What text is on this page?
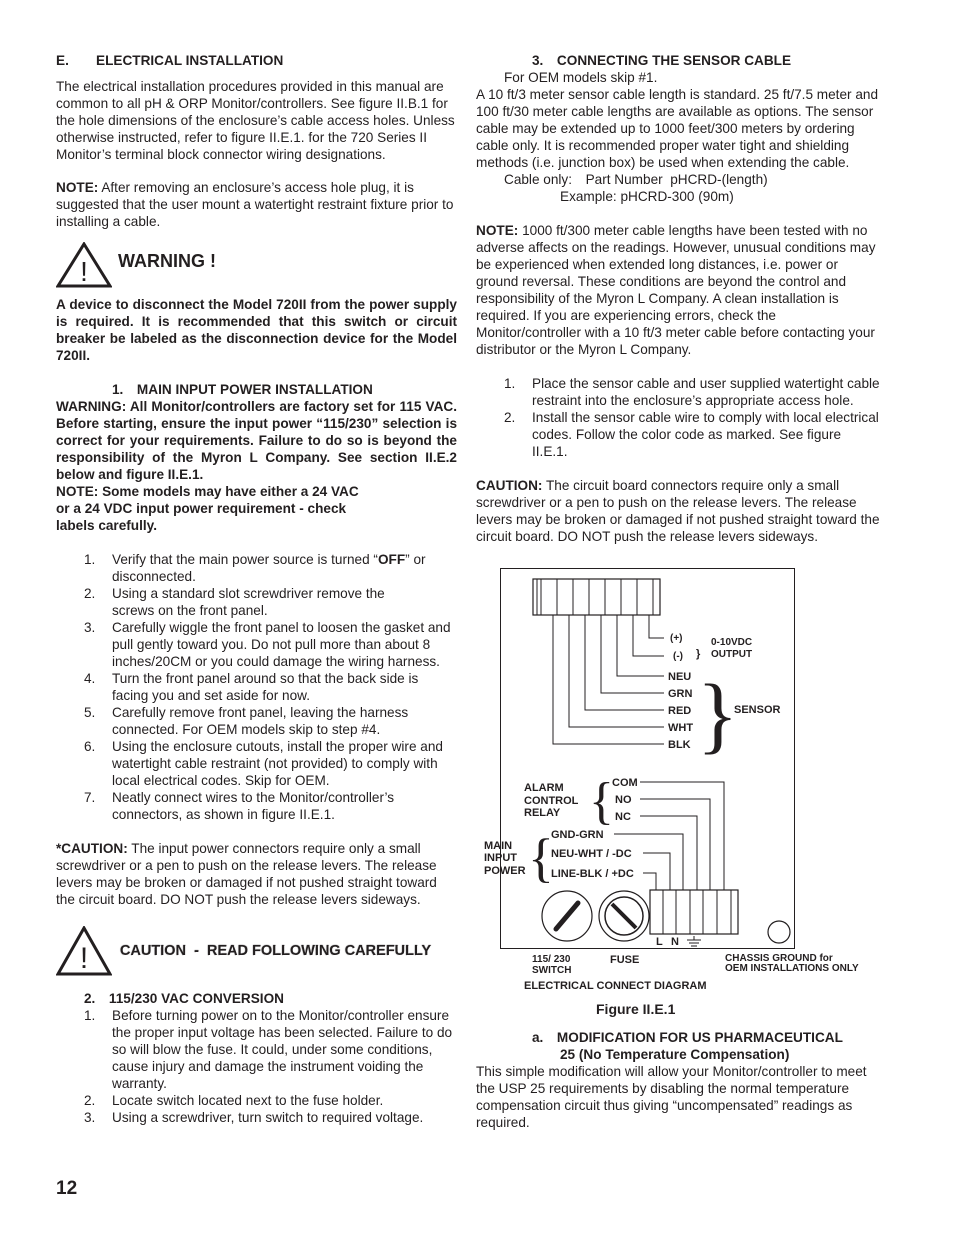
E.  ELECTRICAL INSTALLATION

The electrical installation procedures provided in this manual are common to all pH & ORP Monitor/controllers. See figure II.B.1 for the hole dimensions of the enclosure’s cable access holes. Unless otherwise instructed, refer to figure II.E.1. for the 720 Series II Monitor’s terminal block connector wiring designations.

NOTE: After removing an enclosure’s access hole plug, it is suggested that the user mount a watertight restraint fixture prior to installing a cable.

! WARNING !

A device to disconnect the Model 720II from the power supply is required. It is recommended that this switch or circuit breaker be labeled as the disconnection device for the Model 720II.

1. MAIN INPUT POWER INSTALLATION

WARNING: All Monitor/controllers are factory set for 115 VAC. Before starting, ensure the input power “115/230” selection is correct for your requirements. Failure to do so is beyond the responsibility of the Myron L Company. See section II.E.2 below and figure II.E.1.

NOTE: Some models may have either a 24 VAC or a 24 VDC input power requirement - check labels carefully.

1. Verify that the main power source is turned “OFF” or disconnected.
2. Using a standard slot screwdriver remove the screws on the front panel.
3. Carefully wiggle the front panel to loosen the gasket and pull gently toward you. Do not pull more than about 8 inches/20CM or you could damage the wiring harness.
4. Turn the front panel around so that the back side is facing you and set aside for now.
5. Carefully remove front panel, leaving the harness connected. For OEM models skip to step #4.
6. Using the enclosure cutouts, install the proper wire and watertight cable restraint (not provided) to comply with local electrical codes. Skip for OEM.
7. Neatly connect wires to the Monitor/controller’s connectors, as shown in figure II.E.1.

*CAUTION: The input power connectors require only a small screwdriver or a pen to push on the release levers. The release levers may be broken or damaged if not pushed straight toward the circuit board. DO NOT push the release levers sideways.

! CAUTION  -  READ FOLLOWING CAREFULLY

2. 115/230 VAC CONVERSION

1. Before turning power on to the Monitor/controller ensure the proper input voltage has been selected. Failure to do so will blow the fuse. It could, under some conditions, cause injury and damage the instrument voiding the warranty.
2. Locate switch located next to the fuse holder.
3. Using a screwdriver, turn switch to required voltage.

3. CONNECTING THE SENSOR CABLE

For OEM models skip #1.

A 10 ft/3 meter sensor cable length is standard. 25 ft/7.5 meter and 100 ft/30 meter cable lengths are available as options. The sensor cable may be extended up to 1000 feet/300 meters by ordering cable only. It is recommended proper water tight and shielding methods (i.e. junction box) be used when extending the cable.

Cable only: Part Number  pHCRD-(length)

Example: pHCRD-300 (90m)

NOTE: 1000 ft/300 meter cable lengths have been tested with no adverse affects on the readings. However, unusual conditions may be experienced when extended long distances, i.e. power or ground reversal. These conditions are beyond the control and responsibility of the Myron L Company. A clean installation is required. If you are experiencing errors, check the Monitor/controller with a 10 ft/3 meter cable before contacting your distributor or the Myron L Company.

1. Place the sensor cable and user supplied watertight cable restraint into the enclosure’s appropriate access hole.
2. Install the sensor cable wire to comply with local electrical codes. Follow the color code as marked. See figure II.E.1.

CAUTION: The circuit board connectors require only a small screwdriver or a pen to push on the release levers. The release levers may be broken or damaged if not pushed straight toward the circuit board. DO NOT push the release levers sideways.

(+)
(-) }
0-10VDC
OUTPUT
NEU
GRN
RED
WHT
BLK }
SENSOR
ALARM
CONTROL
RELAY {
COM
NO
NC
MAIN
INPUT
POWER {
GND-GRN
NEU-WHT / -DC
LINE-BLK / +DC
L N
115/ 230
SWITCH
FUSE	CHASSIS GROUND for
OEM INSTALLATIONS ONLY
ELECTRICAL CONNECT DIAGRAM

Figure II.E.1

a. MODIFICATION FOR US PHARMACEUTICAL

25 (No Temperature Compensation)

This simple modification will allow your Monitor/controller to meet the USP 25 requirements by disabling the normal temperature compensation circuit thus giving “uncompensated” readings as required.

12
